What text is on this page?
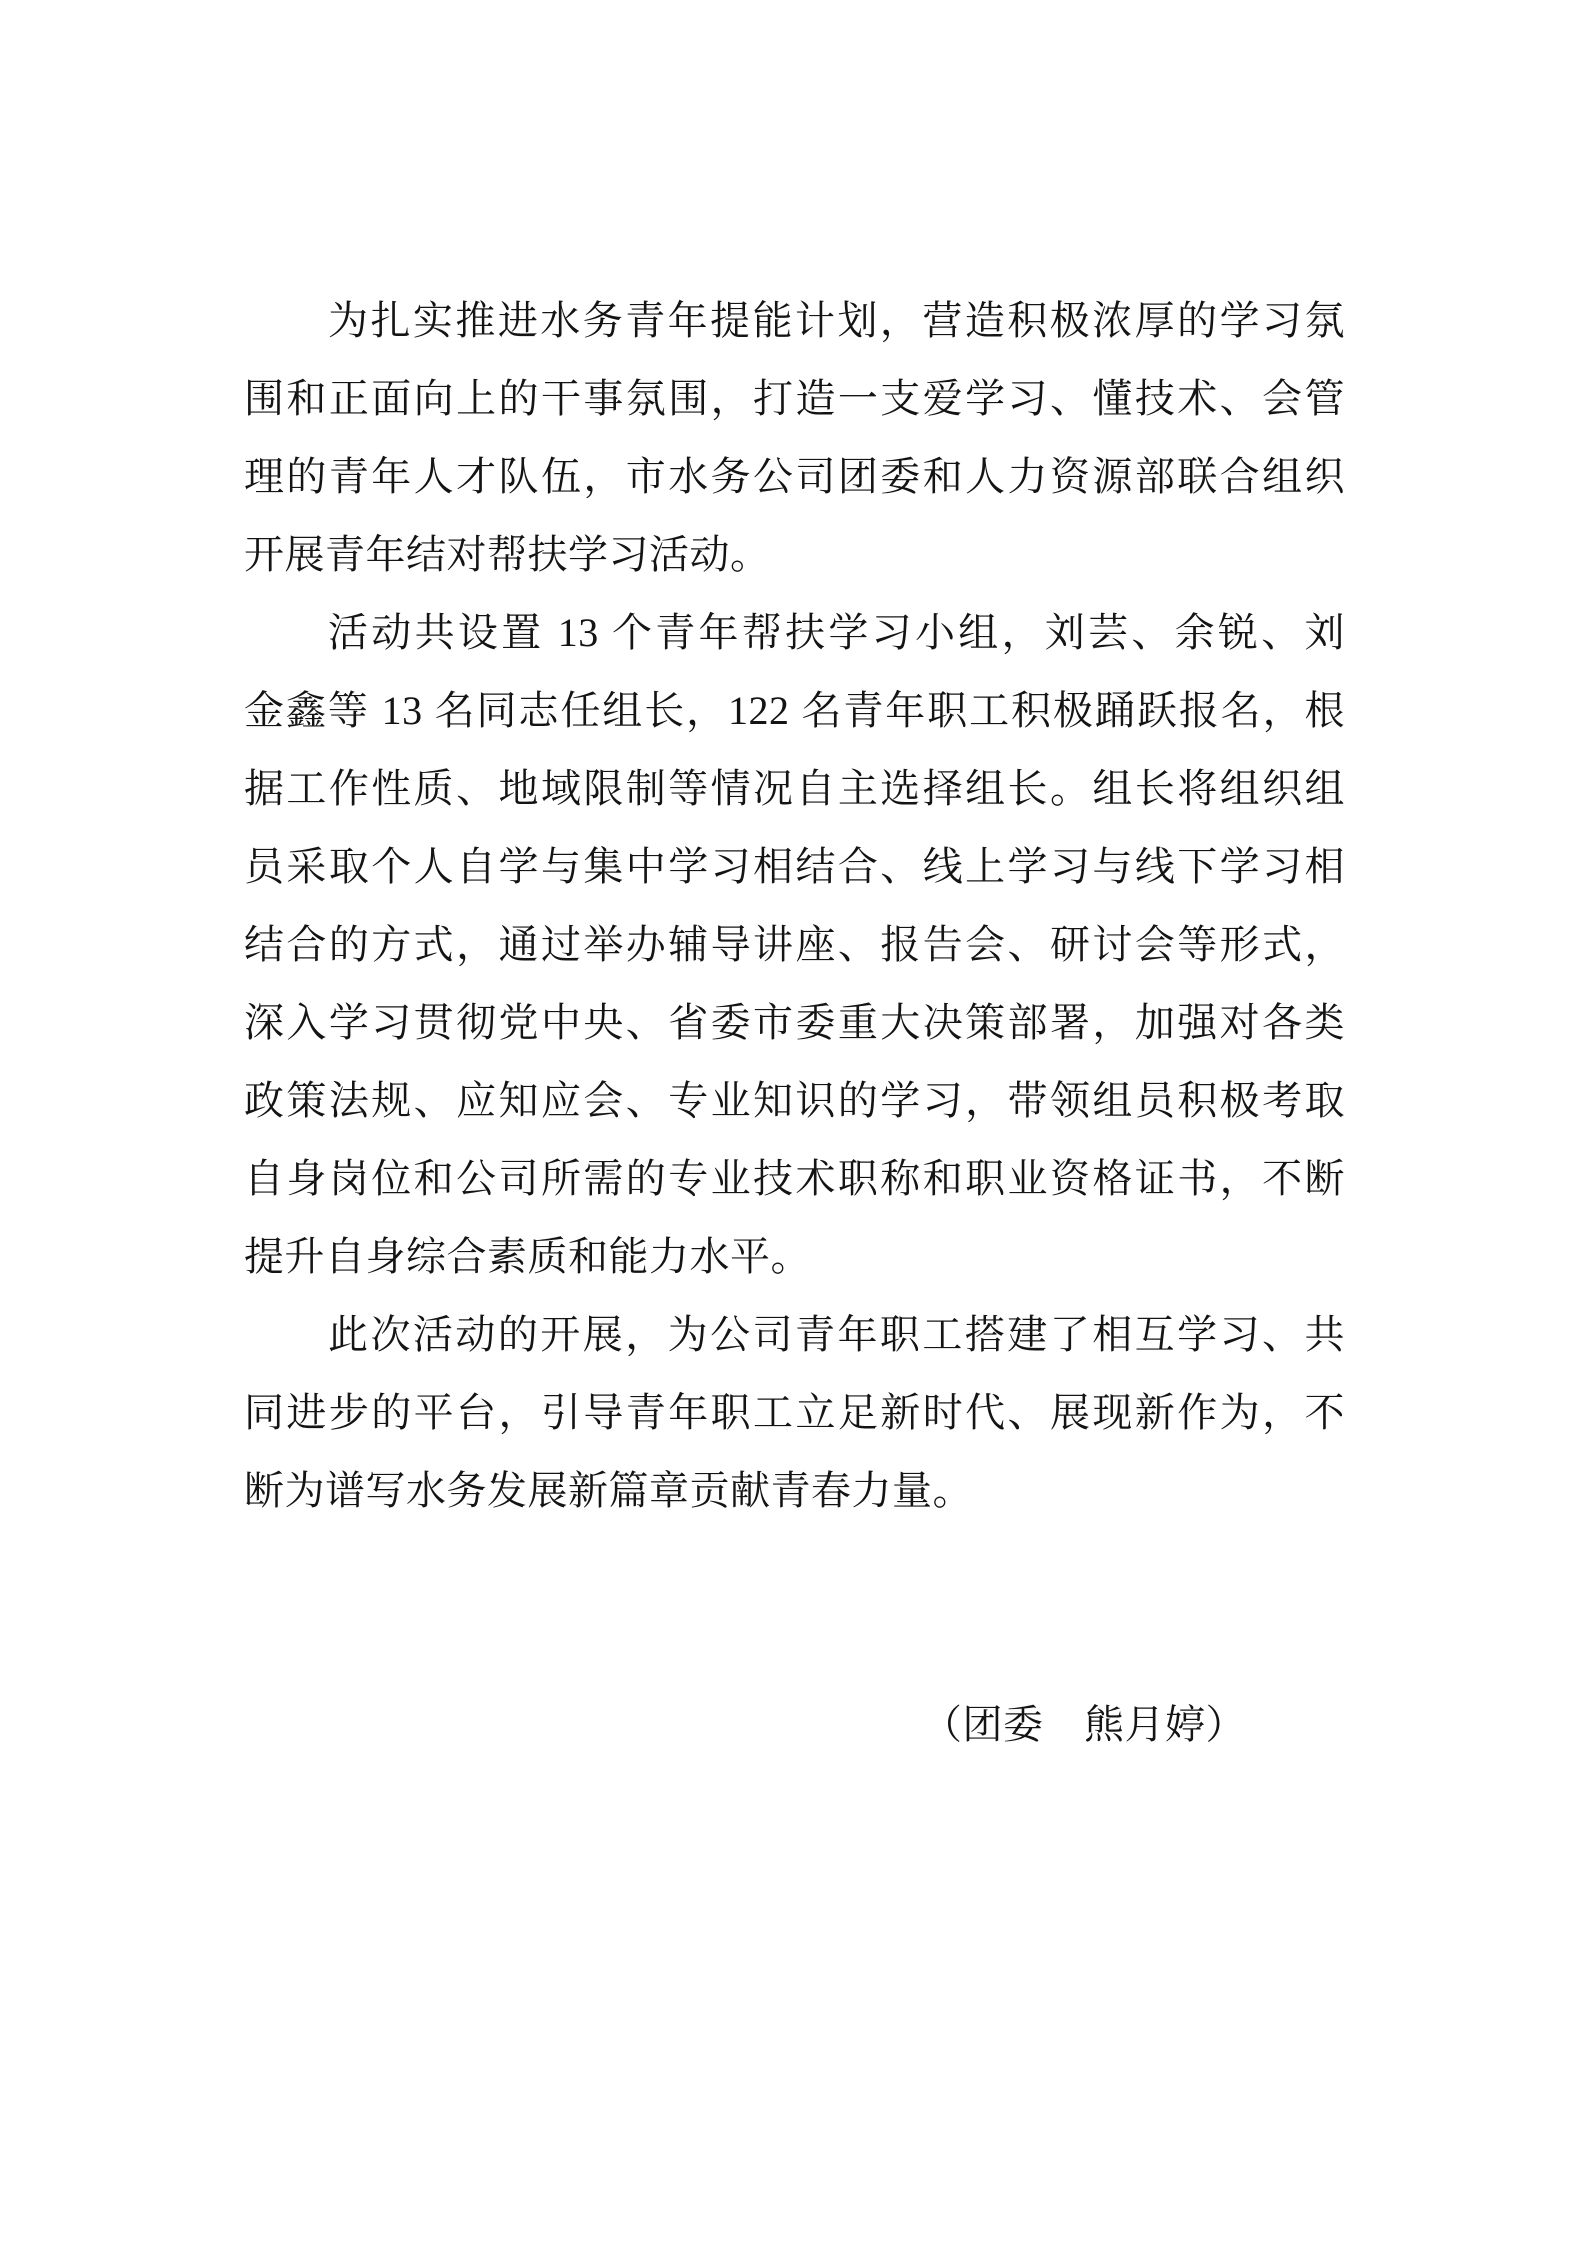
为扎实推进水务青年提能计划，营造积极浓厚的学习氛
围和正面向上的干事氛围，打造一支爱学习、懂技术、会管
理的青年人才队伍，市水务公司团委和人力资源部联合组织
开展青年结对帮扶学习活动。
活动共设置 13 个青年帮扶学习小组，刘芸、余锐、刘
金鑫等 13 名同志任组长，122 名青年职工积极踊跃报名，根
据工作性质、地域限制等情况自主选择组长。组长将组织组
员采取个人自学与集中学习相结合、线上学习与线下学习相
结合的方式，通过举办辅导讲座、报告会、研讨会等形式，
深入学习贯彻党中央、省委市委重大决策部署，加强对各类
政策法规、应知应会、专业知识的学习，带领组员积极考取
自身岗位和公司所需的专业技术职称和职业资格证书，不断
提升自身综合素质和能力水平。
此次活动的开展，为公司青年职工搭建了相互学习、共
同进步的平台，引导青年职工立足新时代、展现新作为，不
断为谱写水务发展新篇章贡献青春力量。
（团委　熊月婷）
